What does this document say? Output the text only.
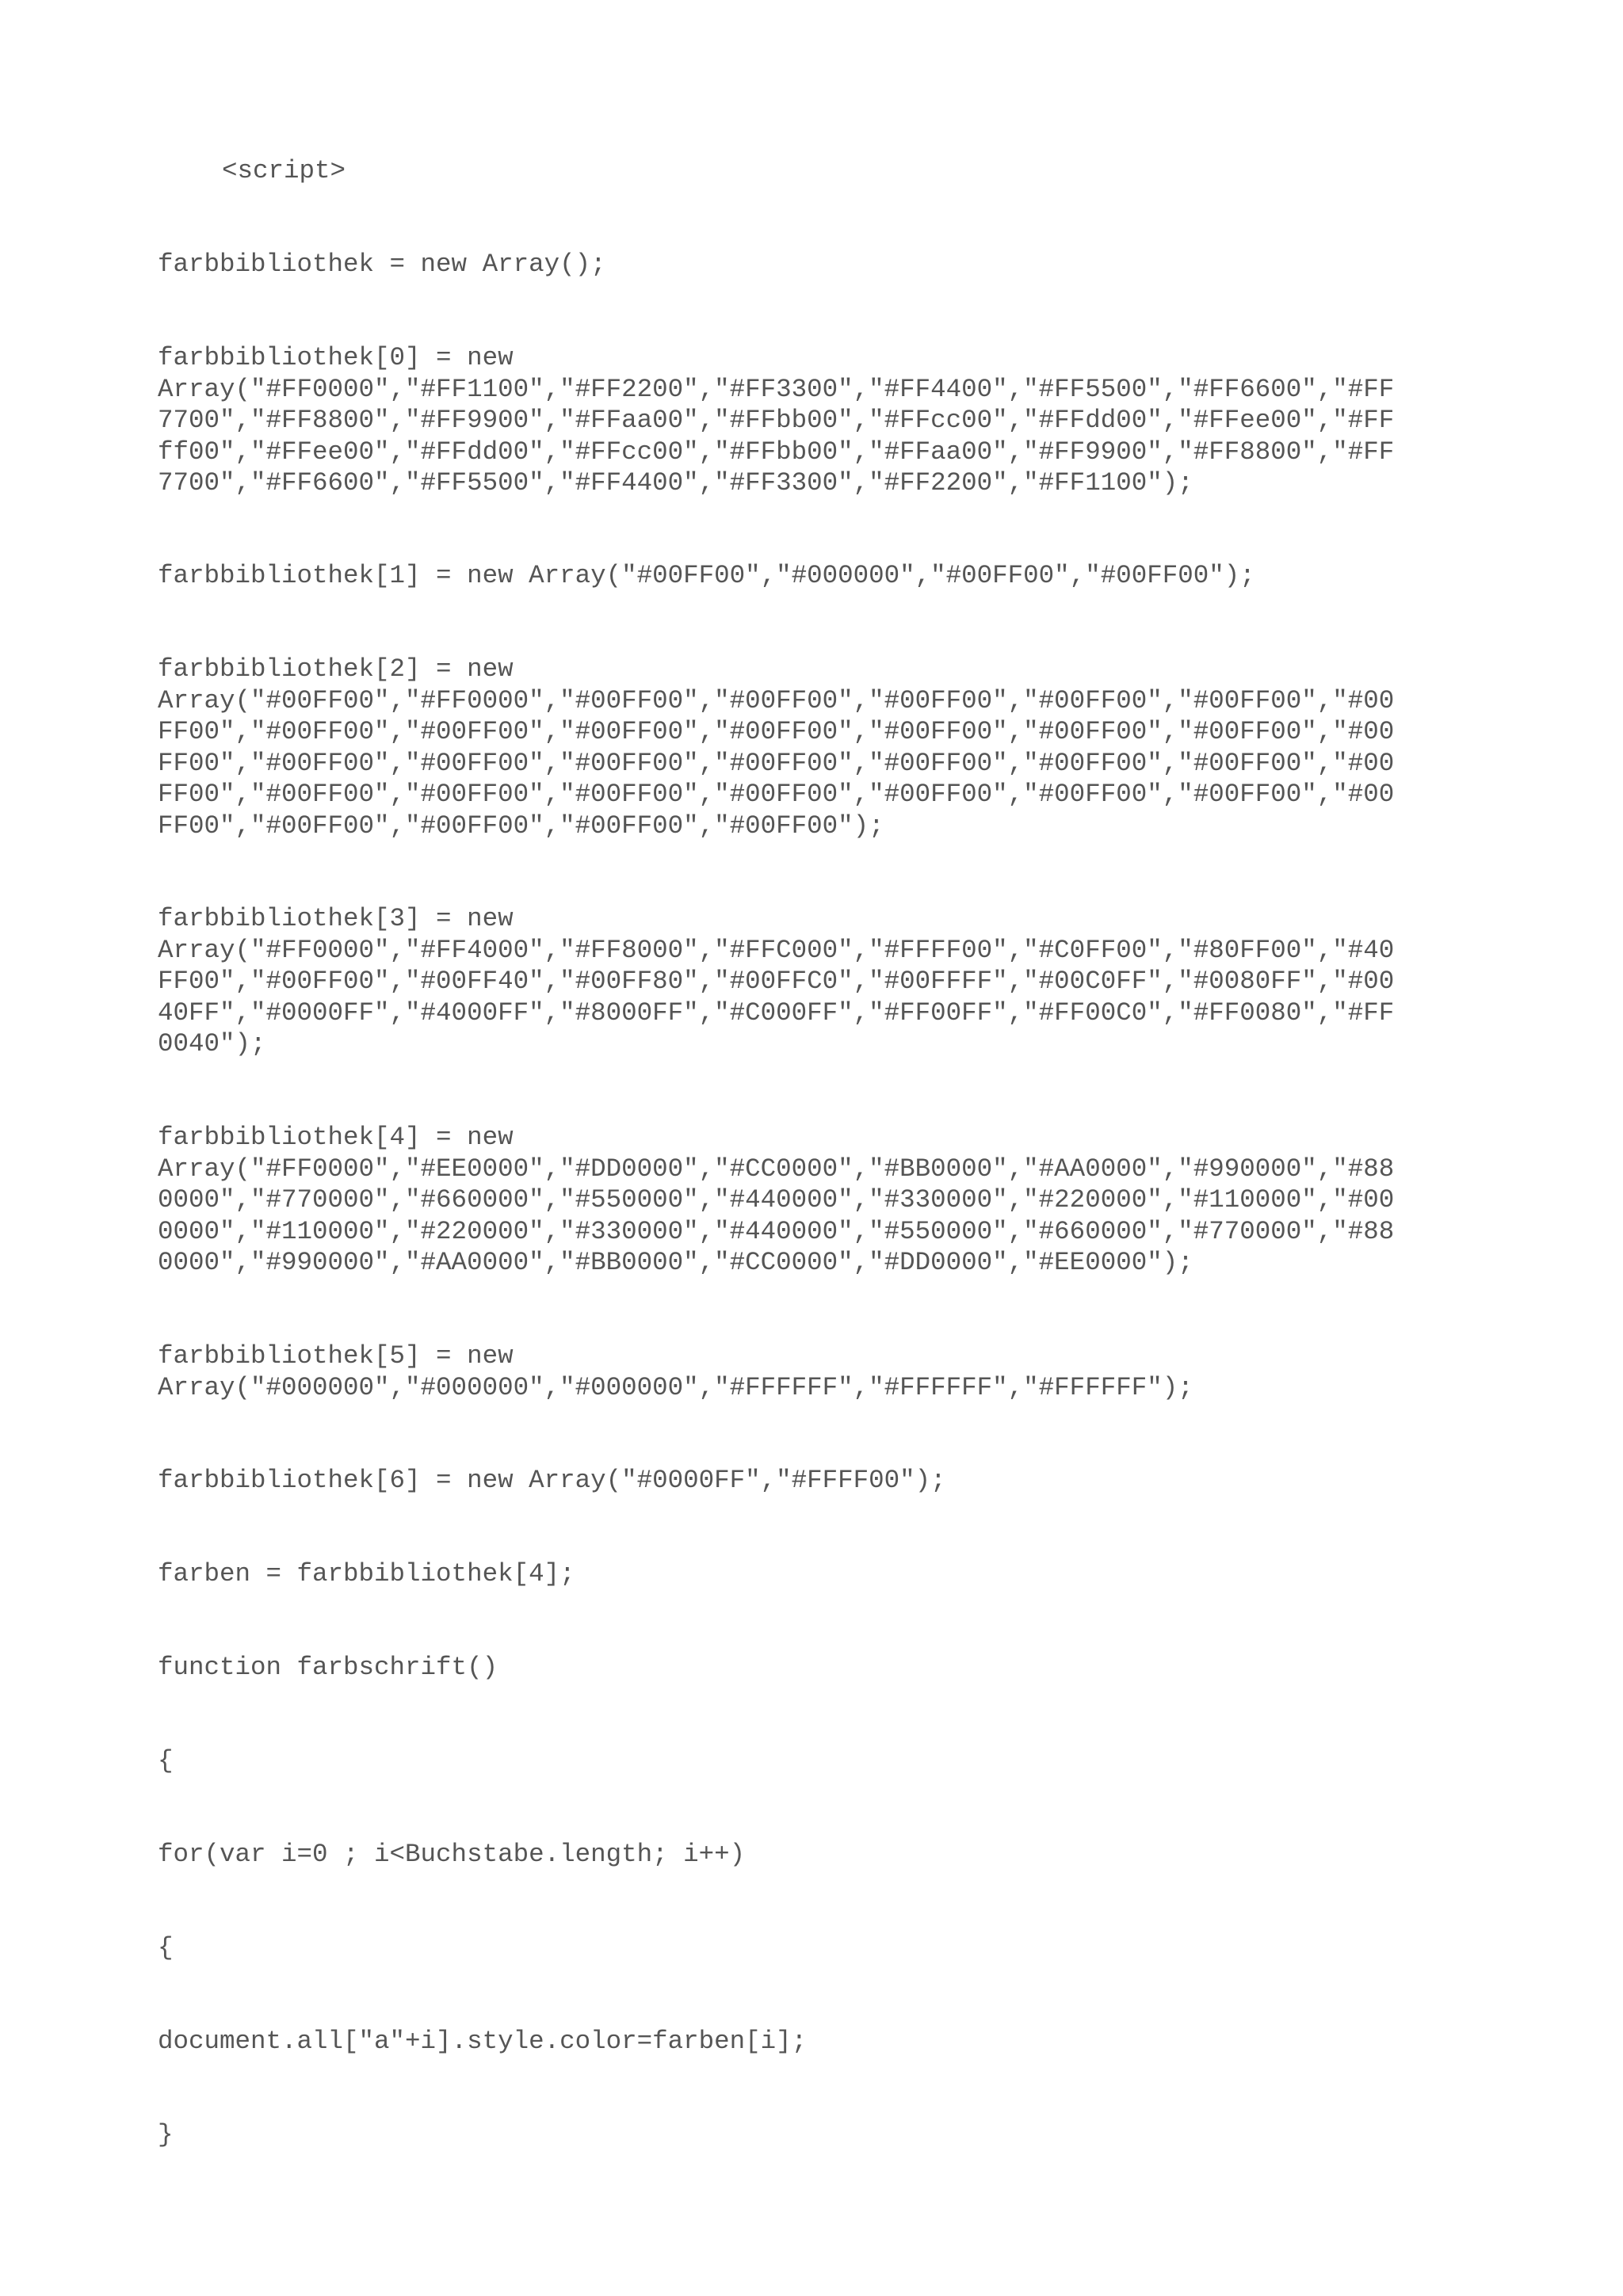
<script>
farbbibliothek = new Array();
farbbibliothek[0] = new
Array("#FF0000","#FF1100","#FF2200","#FF3300","#FF4400","#FF5500","#FF6600","#FF
7700","#FF8800","#FF9900","#FFaa00","#FFbb00","#FFcc00","#FFdd00","#FFee00","#FF
ff00","#FFee00","#FFdd00","#FFcc00","#FFbb00","#FFaa00","#FF9900","#FF8800","#FF
7700","#FF6600","#FF5500","#FF4400","#FF3300","#FF2200","#FF1100");
farbbibliothek[1] = new Array("#00FF00","#000000","#00FF00","#00FF00");
farbbibliothek[2] = new
Array("#00FF00","#FF0000","#00FF00","#00FF00","#00FF00","#00FF00","#00FF00","#00
FF00","#00FF00","#00FF00","#00FF00","#00FF00","#00FF00","#00FF00","#00FF00","#00
FF00","#00FF00","#00FF00","#00FF00","#00FF00","#00FF00","#00FF00","#00FF00","#00
FF00","#00FF00","#00FF00","#00FF00","#00FF00","#00FF00","#00FF00","#00FF00","#00
FF00","#00FF00","#00FF00","#00FF00","#00FF00");
farbbibliothek[3] = new
Array("#FF0000","#FF4000","#FF8000","#FFC000","#FFFF00","#C0FF00","#80FF00","#40
FF00","#00FF00","#00FF40","#00FF80","#00FFC0","#00FFFF","#00C0FF","#0080FF","#00
40FF","#0000FF","#4000FF","#8000FF","#C000FF","#FF00FF","#FF00C0","#FF0080","#FF
0040");
farbbibliothek[4] = new
Array("#FF0000","#EE0000","#DD0000","#CC0000","#BB0000","#AA0000","#990000","#88
0000","#770000","#660000","#550000","#440000","#330000","#220000","#110000","#00
0000","#110000","#220000","#330000","#440000","#550000","#660000","#770000","#88
0000","#990000","#AA0000","#BB0000","#CC0000","#DD0000","#EE0000");
farbbibliothek[5] = new
Array("#000000","#000000","#000000","#FFFFFF","#FFFFFF","#FFFFFF");
farbbibliothek[6] = new Array("#0000FF","#FFFF00");
farben = farbbibliothek[4];
function farbschrift()
{
for(var i=0 ; i<Buchstabe.length; i++)
{
document.all["a"+i].style.color=farben[i];
}
